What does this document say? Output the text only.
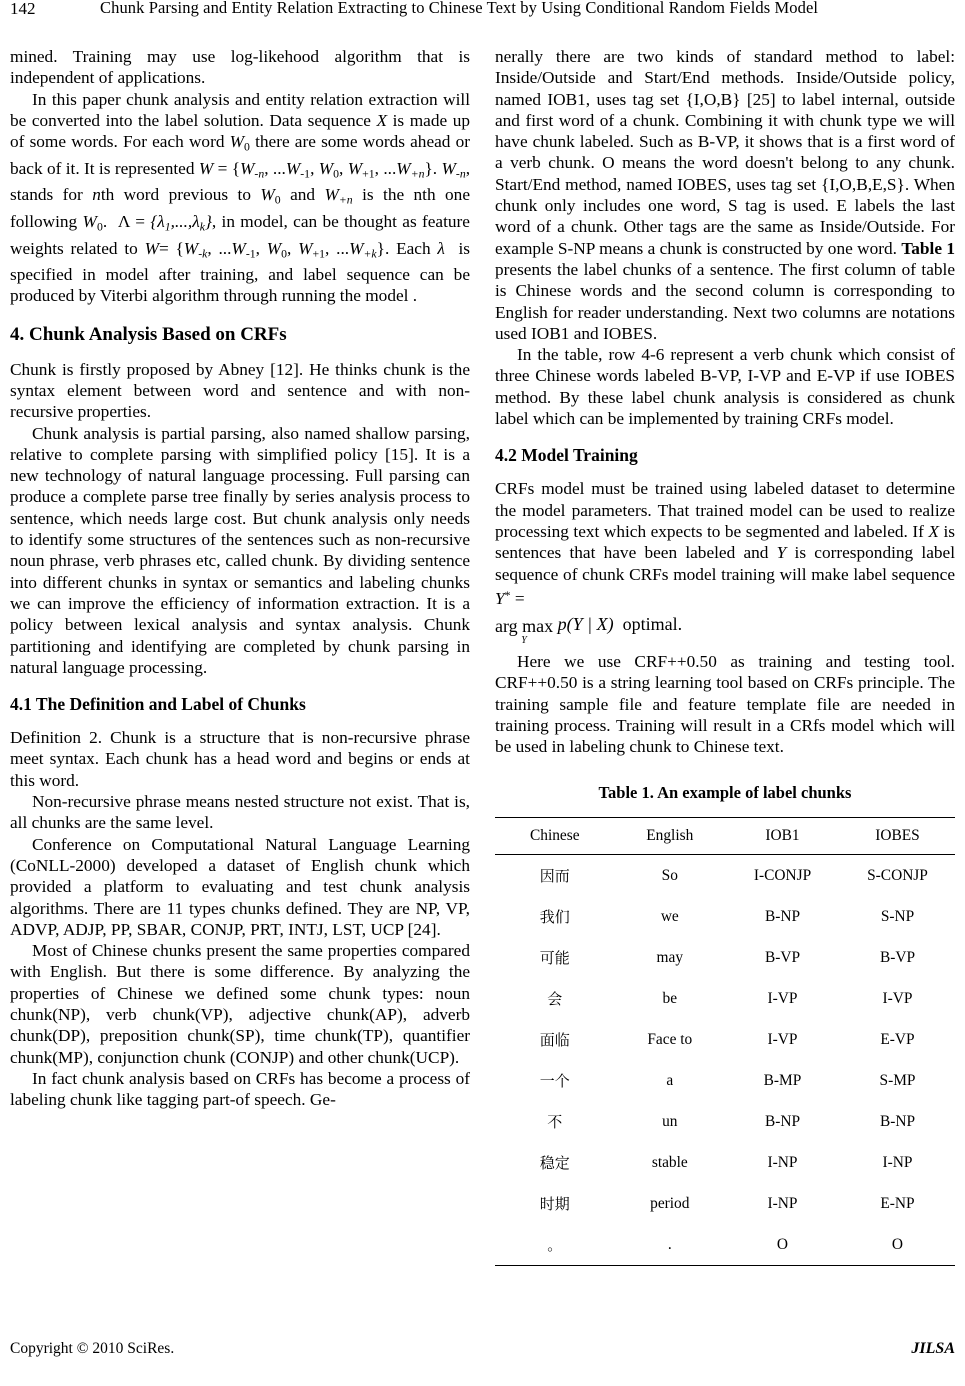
142	Chunk Parsing and Entity Relation Extracting to Chinese Text by Using Conditional Random Fields Model

mined. Training may use log-likehood algorithm that is independent of applications.

In this paper chunk analysis and entity relation extraction will be converted into the label solution. Data sequence X is made up of some words. For each word $W_0$ there are some words ahead or back of it. It is represented $W = \{W_{-n}$, $...W_{-1}$, $W_0$, $W_{+1}$, $...W_{+n}$}. $W_{-n}$, stands for nth word previous to $W_0$ and $W_{+n}$ is the nth one following $W_0$.  $\Lambda = \{\lambda_1,...,\lambda_k\}$, in model, can be thought as feature weights related to $W= \{W_{-k}$, $...W_{-1}$, $W_0$, $W_{+1}$, $...W_{+k}$}. Each λ  is specified in model after training, and label sequence can be produced by Viterbi algorithm through running the model .

4. Chunk Analysis Based on CRFs

Chunk is firstly proposed by Abney [12]. He thinks chunk is the syntax element between word and sentence and with non-recursive properties.

Chunk analysis is partial parsing, also named shallow parsing, relative to complete parsing with simplified policy [15]. It is a new technology of natural language processing. Full parsing can produce a complete parse tree finally by series analysis process to sentence, which needs large cost. But chunk analysis only needs to identify some structures of the sentences such as non-recursive noun phrase, verb phrases etc, called chunk. By dividing sentence into different chunks in syntax or semantics and labeling chunks we can improve the efficiency of information extraction. It is a policy between lexical analysis and syntax analysis. Chunk partitioning and identifying are completed by chunk parsing in natural language processing.

4.1 The Definition and Label of Chunks

Definition 2. Chunk is a structure that is non-recursive phrase meet syntax. Each chunk has a head word and begins or ends at this word.

Non-recursive phrase means nested structure not exist. That is, all chunks are the same level.

Conference on Computational Natural Language Learning (CoNLL-2000) developed a dataset of English chunk which provided a platform to evaluating and test chunk analysis algorithms. There are 11 types chunks defined. They are NP, VP, ADVP, ADJP, PP, SBAR, CONJP, PRT, INTJ, LST, UCP [24].

Most of Chinese chunks present the same properties compared with English. But there is some difference. By analyzing the properties of Chinese we defined some chunk types: noun chunk(NP), verb chunk(VP), adjective chunk(AP), adverb chunk(DP), preposition chunk(SP), time chunk(TP), quantifier chunk(MP), conjunction chunk (CONJP) and other chunk(UCP).

In fact chunk analysis based on CRFs has become a process of labeling chunk like tagging part-of speech. Ge-

nerally there are two kinds of standard method to label: Inside/Outside and Start/End methods. Inside/Outside policy, named IOB1, uses tag set {I,O,B} [25] to label internal, outside and first word of a chunk. Combining it with chunk type we will have chunk labeled. Such as B-VP, it shows that is a first word of a verb chunk. O means the word doesn't belong to any chunk. Start/End method, named IOBES, uses tag set {I,O,B,E,S}. When chunk only includes one word, S tag is used. E labels the last word of a chunk. Other tags are the same as Inside/Outside. For example S-NP means a chunk is constructed by one word. Table 1 presents the label chunks of a sentence. The first column of table is Chinese words and the second column is corresponding to English for reader understanding. Next two columns are notations used IOB1 and IOBES.

In the table, row 4-6 represent a verb chunk which consist of three Chinese words labeled B-VP, I-VP and E-VP if use IOBES method. By these label chunk analysis is considered as chunk label which can be implemented by training CRFs model.

4.2 Model Training

CRFs model must be trained using labeled dataset to determine the model parameters. That trained model can be used to realize processing text which expects to be segmented and labeled. If X is sentences that have been labeled and Y is corresponding label sequence of chunk CRFs model training will make label sequence Y* =

arg max
Y
p(Y | X) optimal.

Here we use CRF++0.50 as training and testing tool. CRF++0.50 is a string learning tool based on CRFs principle. The training sample file and feature template file are needed in training process. Training will result in a CRfs model which will be used in labeling chunk to Chinese text.

Table 1. An example of label chunks
Chinese	English	IOB1	IOBES
因而	So	I-CONJP	S-CONJP
我们	we	B-NP	S-NP
可能	may	B-VP	B-VP
会	be	I-VP	I-VP
面临	Face to	I-VP	E-VP
一个	a	B-MP	S-MP
不	un	B-NP	B-NP
稳定	stable	I-NP	I-NP
时期	period	I-NP	E-NP
。	.	O	O
Copyright © 2010 SciRes.	JILSA
